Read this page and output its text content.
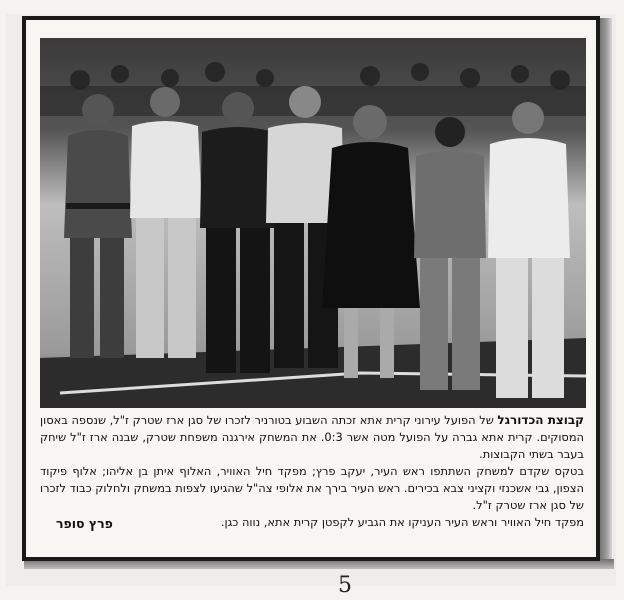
קבוצת הכדורגל של הפועל עירוני קרית אתא זכתה השבוע בטורניר לזכרו של סגן ארז שטרק ז"ל, שנספה באסון המסוקים. קרית אתא גברה על הפועל מטה אשר 0:3. את המשחק אירגנה משפחת שטרק, שבנה ארז ז"ל שיחק בעבר בשתי הקבוצות.

בטקס שקדם למשחק השתתפו ראש העיר, יעקב פרץ; מפקד חיל האוויר, האלוף איתן בן אליהו; אלוף פיקוד הצפון, גבי אשכנזי וקציני צבא בכירים. ראש העיר בירך את אלופי צה"ל שהגיעו לצפות במשחק ולחלוק כבוד לזכרו של סגן ארז שטרק ז"ל.

מפקד חיל האוויר וראש העיר העניקו את הגביע לקפטן קרית אתא, נווה כגן.

פרץ סופר
5
